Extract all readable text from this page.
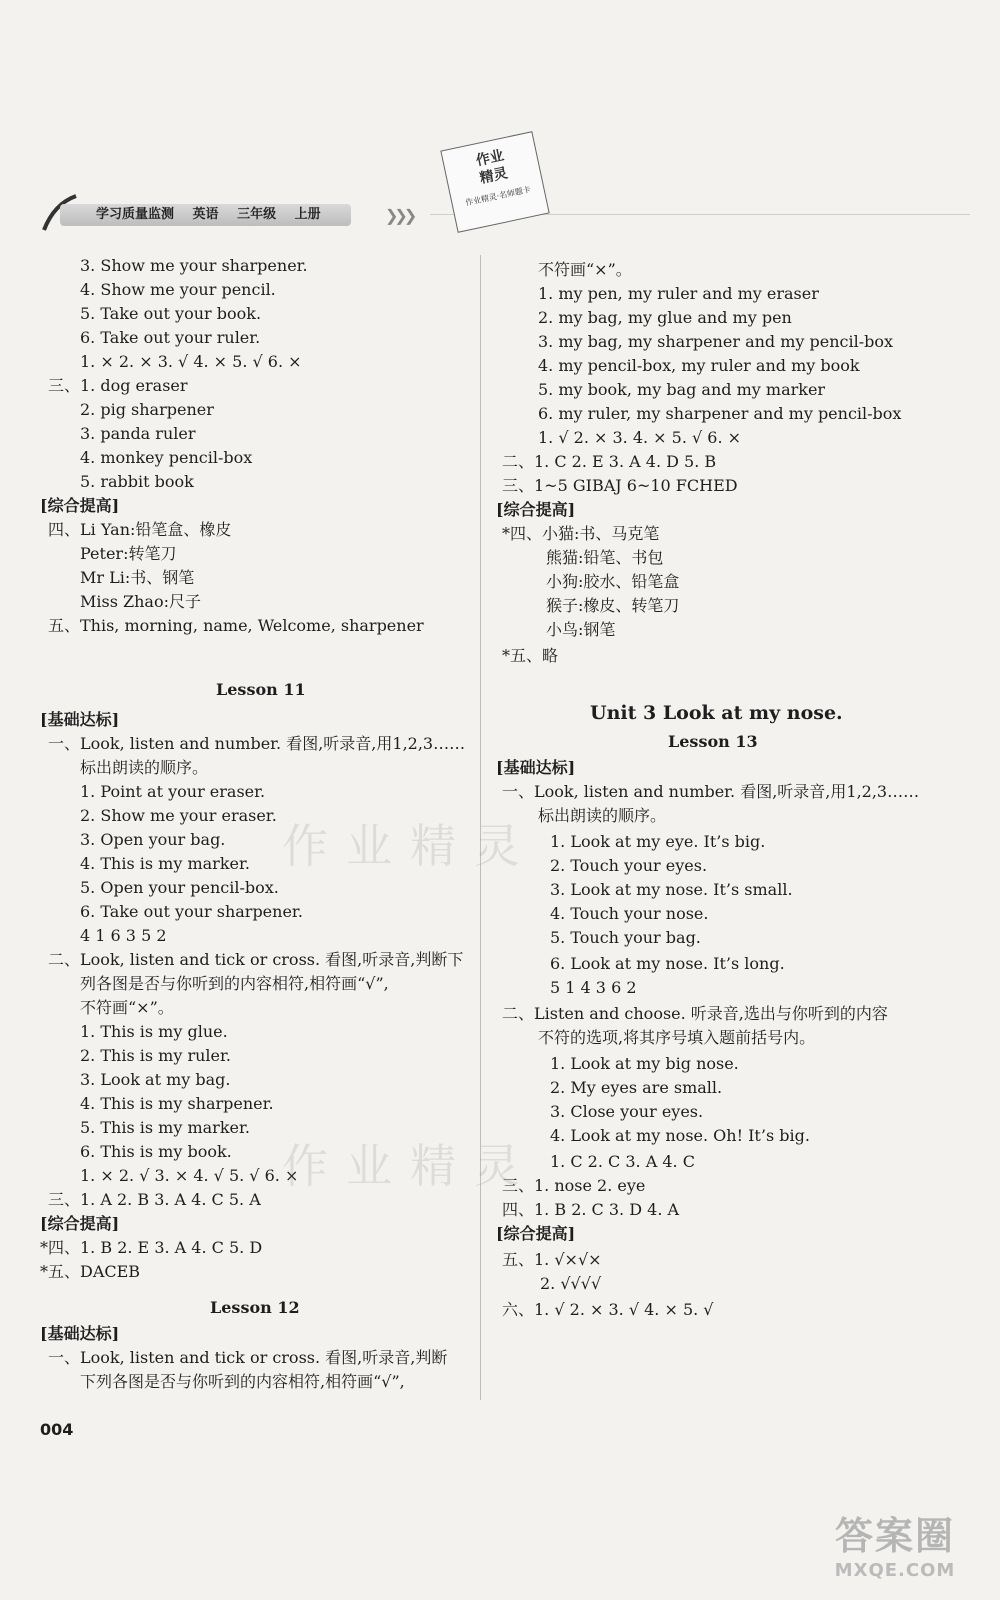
学习质量监测 英语 三年级 上册	❯❯❯
作业
精灵
作业精灵·名师题卡
3. Show me your sharpener.
4. Show me your pencil.
5. Take out your book.
6. Take out your ruler.
1. × 2. × 3. √ 4. × 5. √ 6. ×
三、1. dog eraser
2. pig sharpener
3. panda ruler
4. monkey pencil-box
5. rabbit book
[综合提高]
四、Li Yan:铅笔盒、橡皮
Peter:转笔刀
Mr Li:书、钢笔
Miss Zhao:尺子
五、This, morning, name, Welcome, sharpener
Lesson 11
[基础达标]
一、Look, listen and number. 看图,听录音,用1,2,3……
标出朗读的顺序。
1. Point at your eraser.
2. Show me your eraser.
3. Open your bag.
4. This is my marker.
5. Open your pencil-box.
6. Take out your sharpener.
4 1 6 3 5 2
二、Look, listen and tick or cross. 看图,听录音,判断下
列各图是否与你听到的内容相符,相符画“√”,
不符画“×”。
1. This is my glue.
2. This is my ruler.
3. Look at my bag.
4. This is my sharpener.
5. This is my marker.
6. This is my book.
1. × 2. √ 3. × 4. √ 5. √ 6. ×
三、1. A 2. B 3. A 4. C 5. A
[综合提高]
*四、1. B 2. E 3. A 4. C 5. D
*五、DACEB
Lesson 12
[基础达标]
一、Look, listen and tick or cross. 看图,听录音,判断
下列各图是否与你听到的内容相符,相符画“√”,
不符画“×”。
1. my pen, my ruler and my eraser
2. my bag, my glue and my pen
3. my bag, my sharpener and my pencil-box
4. my pencil-box, my ruler and my book
5. my book, my bag and my marker
6. my ruler, my sharpener and my pencil-box
1. √ 2. × 3. 4. × 5. √ 6. ×
二、1. C 2. E 3. A 4. D 5. B
三、1~5 GIBAJ 6~10 FCHED
[综合提高]
*四、小猫:书、马克笔
熊猫:铅笔、书包
小狗:胶水、铅笔盒
猴子:橡皮、转笔刀
小鸟:钢笔
*五、略
Unit 3 Look at my nose.
Lesson 13
[基础达标]
一、Look, listen and number. 看图,听录音,用1,2,3……
标出朗读的顺序。
1. Look at my eye. It’s big.
2. Touch your eyes.
3. Look at my nose. It’s small.
4. Touch your nose.
5. Touch your bag.
6. Look at my nose. It’s long.
5 1 4 3 6 2
二、Listen and choose. 听录音,选出与你听到的内容
不符的选项,将其序号填入题前括号内。
1. Look at my big nose.
2. My eyes are small.
3. Close your eyes.
4. Look at my nose. Oh! It’s big.
1. C 2. C 3. A 4. C
三、1. nose 2. eye
四、1. B 2. C 3. D 4. A
[综合提高]
五、1. √×√×
2. √√√√
六、1. √ 2. × 3. √ 4. × 5. √
作业精灵
作业精灵
004
答案圈
MXQE.COM
